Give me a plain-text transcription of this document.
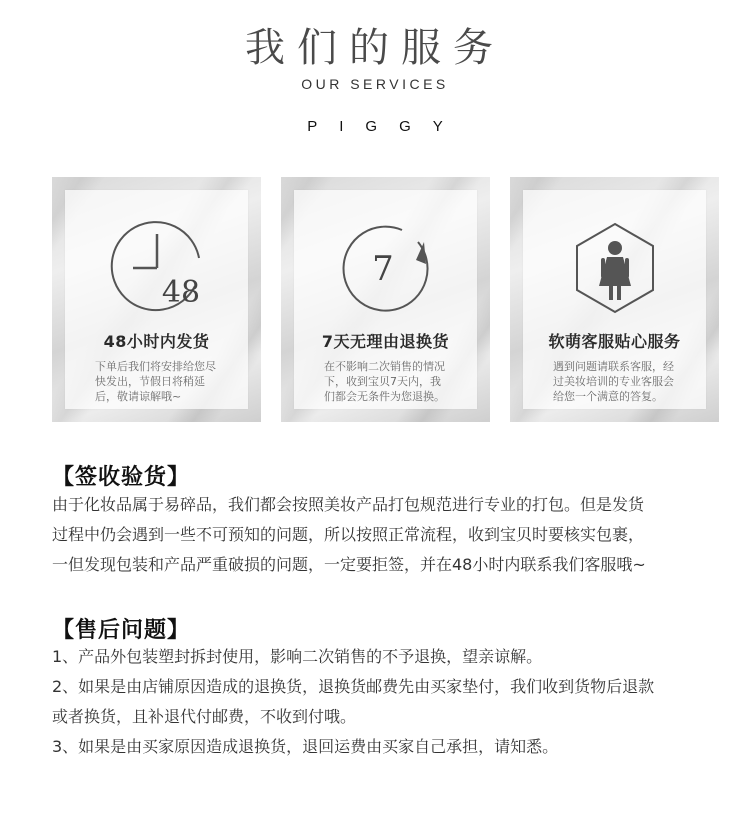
我们的服务
OUR SERVICES
PIGGY
48
48小时内发货
下单后我们将安排给您尽快发出，节假日将稍延后，敬请谅解哦~
7
7天无理由退换货
在不影响二次销售的情况下，收到宝贝7天内，我们都会无条件为您退换。
软萌客服贴心服务
遇到问题请联系客服，经过美妆培训的专业客服会给您一个满意的答复。
【签收验货】
由于化妆品属于易碎品，我们都会按照美妆产品打包规范进行专业的打包。但是发货
过程中仍会遇到一些不可预知的问题，所以按照正常流程，收到宝贝时要核实包裹，
一但发现包装和产品严重破损的问题，一定要拒签，并在48小时内联系我们客服哦~
【售后问题】
1、产品外包装塑封拆封使用，影响二次销售的不予退换，望亲谅解。
2、如果是由店铺原因造成的退换货，退换货邮费先由买家垫付，我们收到货物后退款
或者换货，且补退代付邮费，不收到付哦。
3、如果是由买家原因造成退换货，退回运费由买家自己承担，请知悉。
